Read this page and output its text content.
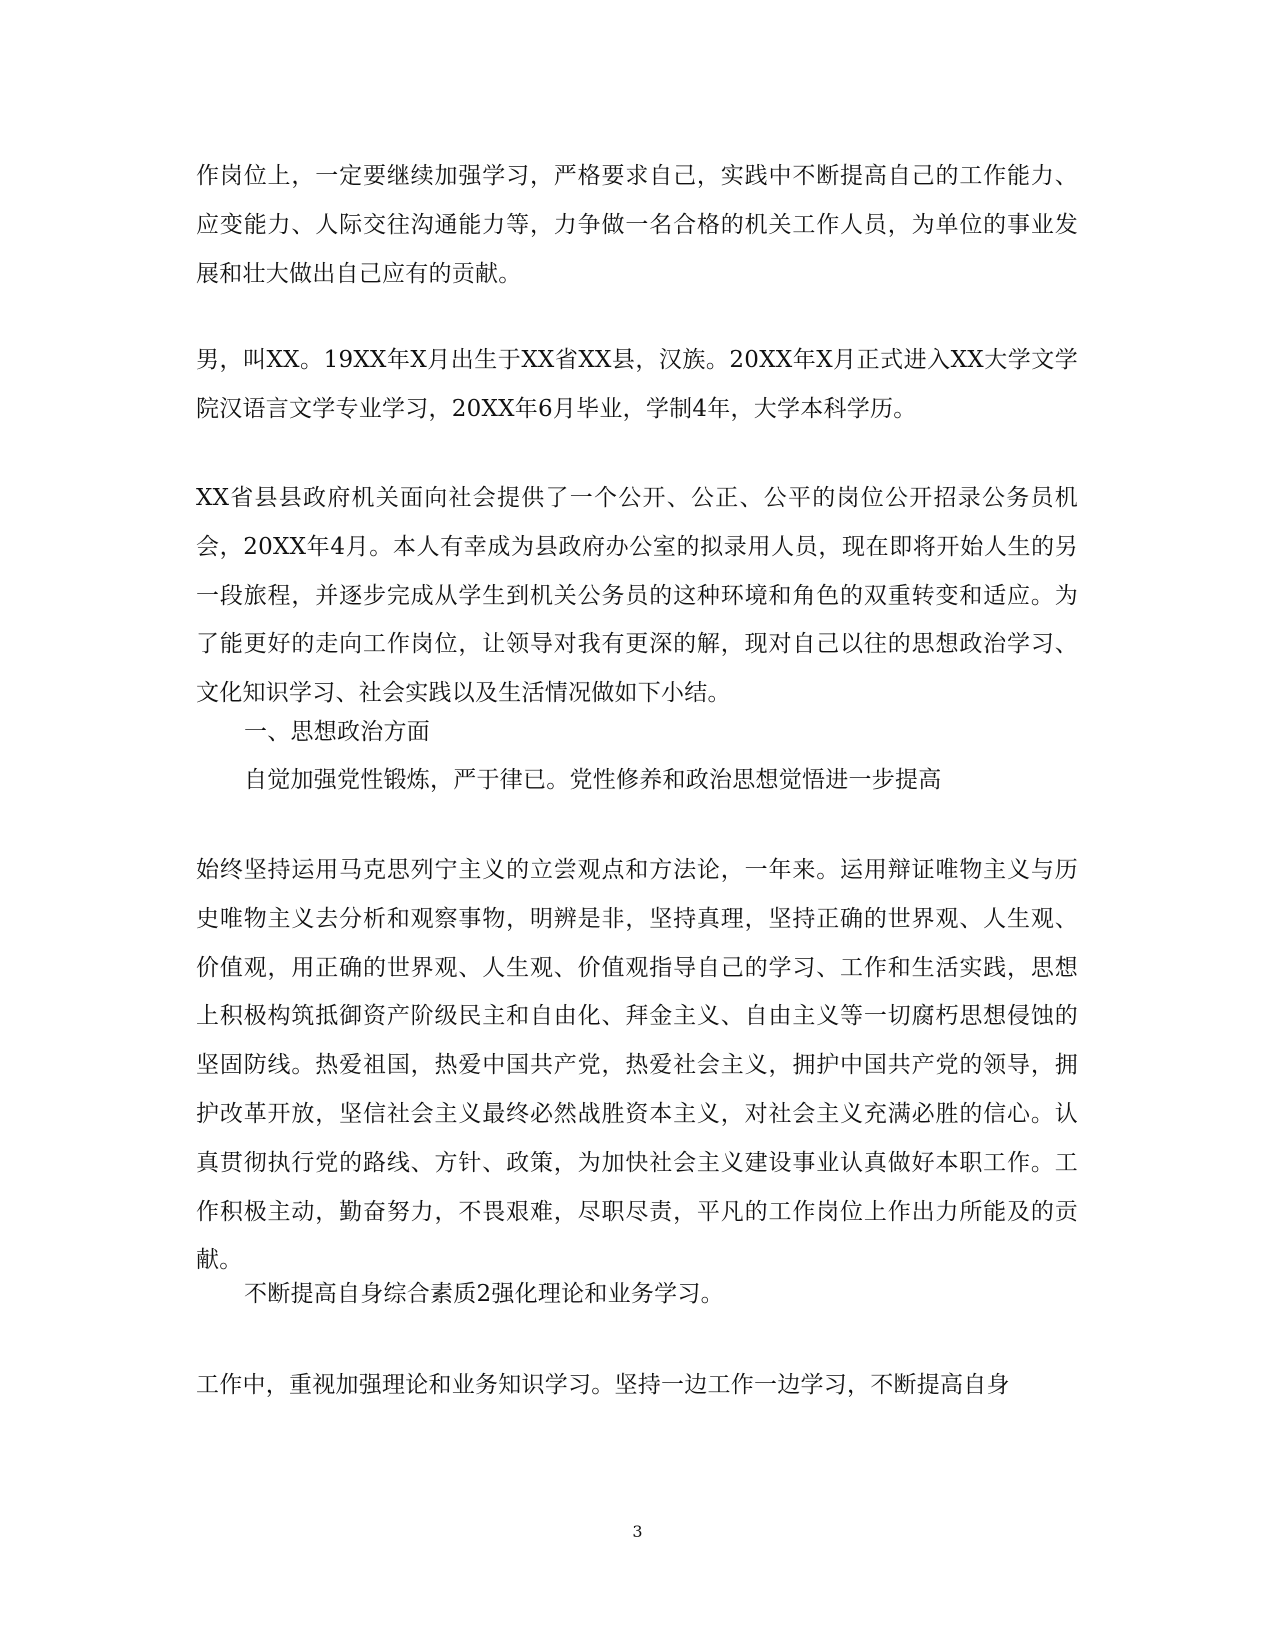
作岗位上，一定要继续加强学习，严格要求自己，实践中不断提高自己的工作能力、应变能力、人际交往沟通能力等，力争做一名合格的机关工作人员，为单位的事业发展和壮大做出自己应有的贡献。

男，叫XX。19XX年X月出生于XX省XX县，汉族。20XX年X月正式进入XX大学文学院汉语言文学专业学习，20XX年6月毕业，学制4年，大学本科学历。

XX省县县政府机关面向社会提供了一个公开、公正、公平的岗位公开招录公务员机会，20XX年4月。本人有幸成为县政府办公室的拟录用人员，现在即将开始人生的另一段旅程，并逐步完成从学生到机关公务员的这种环境和角色的双重转变和适应。为了能更好的走向工作岗位，让领导对我有更深的解，现对自己以往的思想政治学习、文化知识学习、社会实践以及生活情况做如下小结。

一、思想政治方面

自觉加强党性锻炼，严于律已。党性修养和政治思想觉悟进一步提高

始终坚持运用马克思列宁主义的立尝观点和方法论，一年来。运用辩证唯物主义与历史唯物主义去分析和观察事物，明辨是非，坚持真理，坚持正确的世界观、人生观、价值观，用正确的世界观、人生观、价值观指导自己的学习、工作和生活实践，思想上积极构筑抵御资产阶级民主和自由化、拜金主义、自由主义等一切腐朽思想侵蚀的坚固防线。热爱祖国，热爱中国共产党，热爱社会主义，拥护中国共产党的领导，拥护改革开放，坚信社会主义最终必然战胜资本主义，对社会主义充满必胜的信心。认真贯彻执行党的路线、方针、政策，为加快社会主义建设事业认真做好本职工作。工作积极主动，勤奋努力，不畏艰难，尽职尽责，平凡的工作岗位上作出力所能及的贡献。

不断提高自身综合素质2强化理论和业务学习。

工作中，重视加强理论和业务知识学习。坚持一边工作一边学习，不断提高自身

3
